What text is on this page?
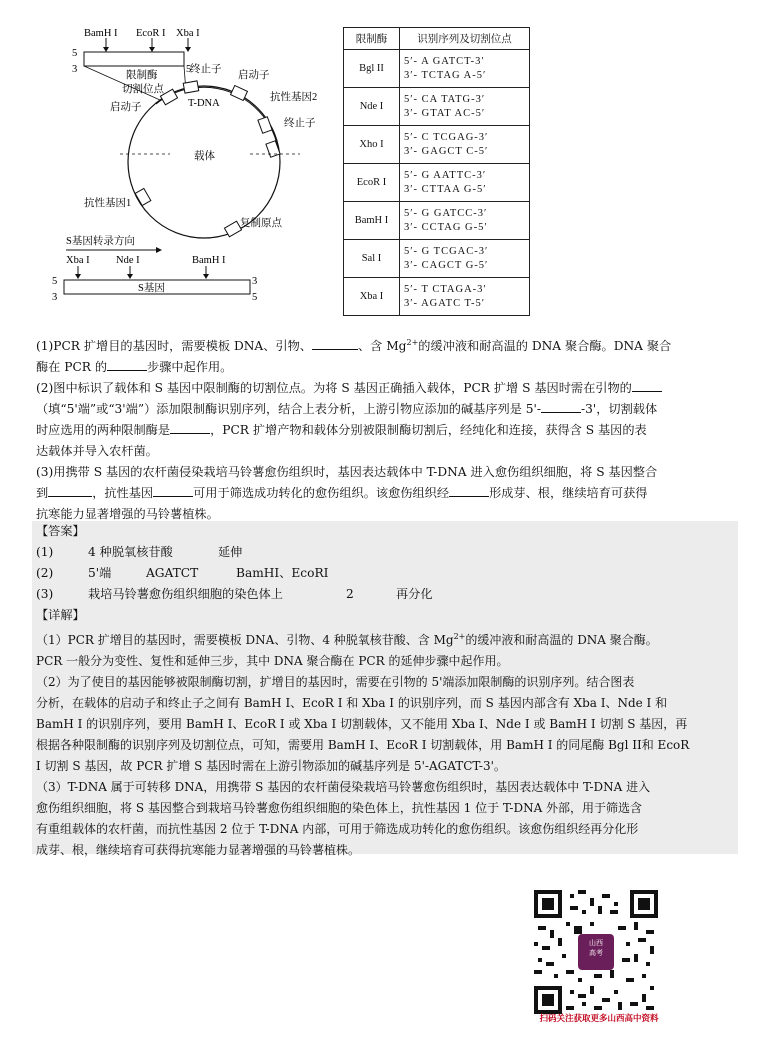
BamH I EcoR I Xba I
5
3	5
限制酶
切割位点
终止子
启动子
T-DNA
启动子
抗性基因2
终止子
载体
抗性基因1
复制原点
S基因转录方向
Xba I	Nde I	BamH I
S基因
5
3
3
5
限制酶	识别序列及切割位点
Bgl II	5′- A GATCT-3′
3′- TCTAG A-5′

Nde I	5′- CA TATG-3′
3′- GTAT AC-5′

Xho I	5′- C TCGAG-3′
3′- GAGCT C-5′

EcoR I	5′- G AATTC-3′
3′- CTTAA G-5′

BamH I	5′- G GATCC-3′
3′- CCTAG G-5′

Sal I	5′- G TCGAC-3′
3′- CAGCT G-5′

Xba I	5′- T CTAGA-3′
3′- AGATC T-5′
(1)PCR 扩增目的基因时，需要模板 DNA、引物、	、含 $Mg^{2+}$的缓冲液和耐高温的 DNA 聚合酶。DNA 聚合
酶在 PCR 的	步骤中起作用。
(2)图中标识了载体和 S 基因中限制酶的切割位点。为将 S 基因正确插入载体，PCR 扩增 S 基因时需在引物的
（填“5'端”或“3'端”）添加限制酶识别序列，结合上表分析，上游引物应添加的碱基序列是 5'-	-3'，切割载体
时应选用的两种限制酶是	，PCR 扩增产物和载体分别被限制酶切割后，经纯化和连接，获得含 S 基因的表
达载体并导入农杆菌。
(3)用携带 S 基因的农杆菌侵染栽培马铃薯愈伤组织时，基因表达载体中 T-DNA 进入愈伤组织细胞，将 S 基因整合
到	，抗性基因	可用于筛选成功转化的愈伤组织。该愈伤组织经	形成芽、根，继续培育可获得
抗寒能力显著增强的马铃薯植株。
【答案】
(1)	4 种脱氧核苷酸	延伸
(2)	5'端	AGATCT	BamHI、EcoRI
(3)	栽培马铃薯愈伤组织细胞的染色体上	2	再分化
【详解】
（1）PCR 扩增目的基因时，需要模板 DNA、引物、4 种脱氧核苷酸、含 $Mg^{2+}$的缓冲液和耐高温的 DNA 聚合酶。
PCR 一般分为变性、复性和延伸三步，其中 DNA 聚合酶在 PCR 的延伸步骤中起作用。
（2）为了使目的基因能够被限制酶切割，扩增目的基因时，需要在引物的 5'端添加限制酶的识别序列。结合图表
分析，在载体的启动子和终止子之间有 BamH I、EcoR I 和 Xba I 的识别序列，而 S 基因内部含有 Xba I、Nde I 和
BamH I 的识别序列，要用 BamH I、EcoR I 或 Xba I 切割载体，又不能用 Xba I、Nde I 或 BamH I 切割 S 基因，再
根据各种限制酶的识别序列及切割位点，可知，需要用 BamH I、EcoR I 切割载体，用 BamH I 的同尾酶 Bgl II和 EcoR
I 切割 S 基因，故 PCR 扩增 S 基因时需在上游引物添加的碱基序列是 5'-AGATCT-3'。
（3）T-DNA 属于可转移 DNA，用携带 S 基因的农杆菌侵染栽培马铃薯愈伤组织时，基因表达载体中 T-DNA 进入
愈伤组织细胞，将 S 基因整合到栽培马铃薯愈伤组织细胞的染色体上，抗性基因 1 位于 T-DNA 外部，用于筛选含
有重组载体的农杆菌，而抗性基因 2 位于 T-DNA 内部，可用于筛选成功转化的愈伤组织。该愈伤组织经再分化形
成芽、根，继续培育可获得抗寒能力显著增强的马铃薯植株。
山西
高考
扫码关注获取更多山西高中资料
